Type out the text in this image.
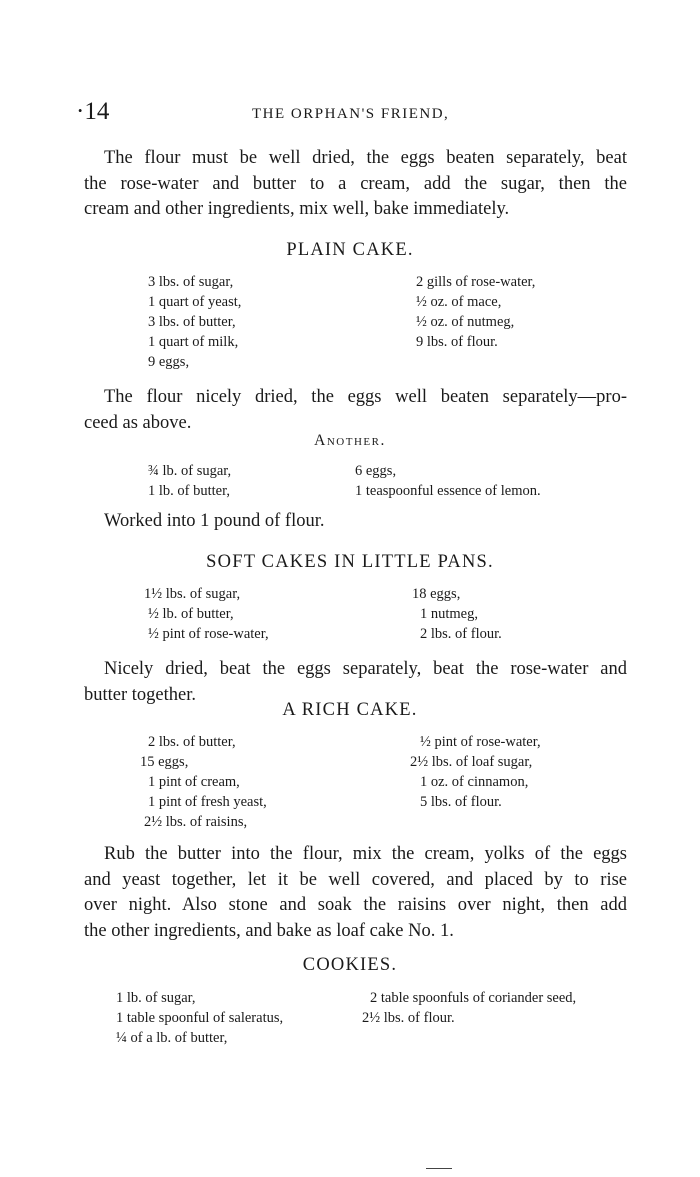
·14	THE ORPHAN'S FRIEND,
The flour must be well dried, the eggs beaten separately, beat
the rose-water and butter to a cream, add the sugar, then the
cream and other ingredients, mix well, bake immediately.
PLAIN CAKE.
3 lbs. of sugar,
1 quart of yeast,
3 lbs. of butter,
1 quart of milk,
9 eggs,
2 gills of rose-water,
½ oz. of mace,
½ oz. of nutmeg,
9 lbs. of flour.
The flour nicely dried, the eggs well beaten separately—pro-
ceed as above.
Another.
¾ lb. of sugar,
1 lb. of butter,
6 eggs,
1 teaspoonful essence of lemon.
Worked into 1 pound of flour.
SOFT CAKES IN LITTLE PANS.
1½ lbs. of sugar,
½ lb. of butter,
½ pint of rose-water,
18 eggs,
1 nutmeg,
2 lbs. of flour.
Nicely dried, beat the eggs separately, beat the rose-water and
butter together.
A RICH CAKE.
2 lbs. of butter,
15 eggs,
1 pint of cream,
1 pint of fresh yeast,
2½ lbs. of raisins,
½ pint of rose-water,
2½ lbs. of loaf sugar,
1 oz. of cinnamon,
5 lbs. of flour.
Rub the butter into the flour, mix the cream, yolks of the eggs
and yeast together, let it be well covered, and placed by to rise
over night. Also stone and soak the raisins over night, then add
the other ingredients, and bake as loaf cake No. 1.
COOKIES.
1 lb. of sugar,
1 table spoonful of saleratus,
¼ of a lb. of butter,
2 table spoonfuls of coriander seed,
2½ lbs. of flour.
